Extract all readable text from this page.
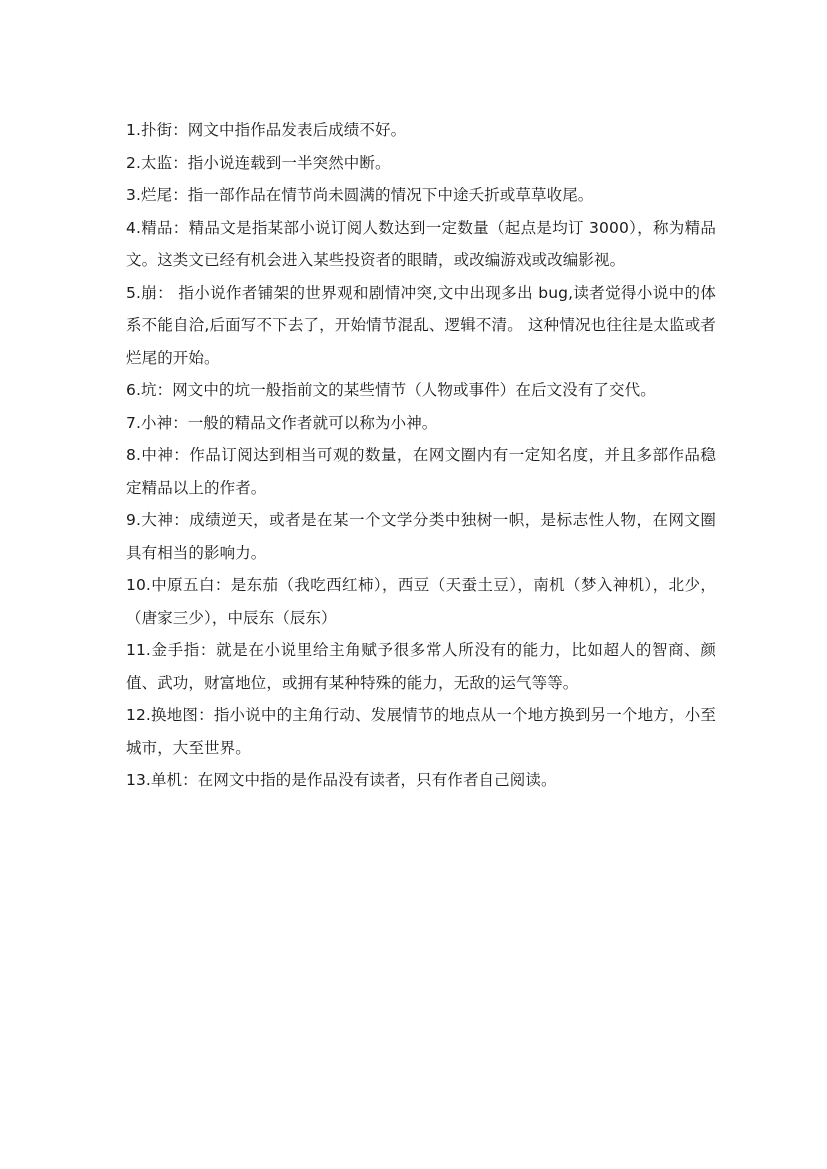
1.扑街：网文中指作品发表后成绩不好。

2.太监：指小说连载到一半突然中断。

3.烂尾：指一部作品在情节尚未圆满的情况下中途夭折或草草收尾。

4.精品：精品文是指某部小说订阅人数达到一定数量（起点是均订 3000），称为精品文。这类文已经有机会进入某些投资者的眼睛，或改编游戏或改编影视。

5.崩： 指小说作者铺架的世界观和剧情冲突,文中出现多出 bug,读者觉得小说中的体系不能自洽,后面写不下去了，开始情节混乱、逻辑不清。 这种情况也往往是太监或者烂尾的开始。

6.坑：网文中的坑一般指前文的某些情节（人物或事件）在后文没有了交代。

7.小神：一般的精品文作者就可以称为小神。

8.中神：作品订阅达到相当可观的数量，在网文圈内有一定知名度，并且多部作品稳定精品以上的作者。

9.大神：成绩逆天，或者是在某一个文学分类中独树一帜，是标志性人物，在网文圈具有相当的影响力。

10.中原五白：是东茄（我吃西红柿），西豆（天蚕土豆），南机（梦入神机），北少，（唐家三少），中辰东（辰东）

11.金手指：就是在小说里给主角赋予很多常人所没有的能力，比如超人的智商、颜值、武功，财富地位，或拥有某种特殊的能力，无敌的运气等等。

12.换地图：指小说中的主角行动、发展情节的地点从一个地方换到另一个地方，小至城市，大至世界。

13.单机：在网文中指的是作品没有读者，只有作者自己阅读。
